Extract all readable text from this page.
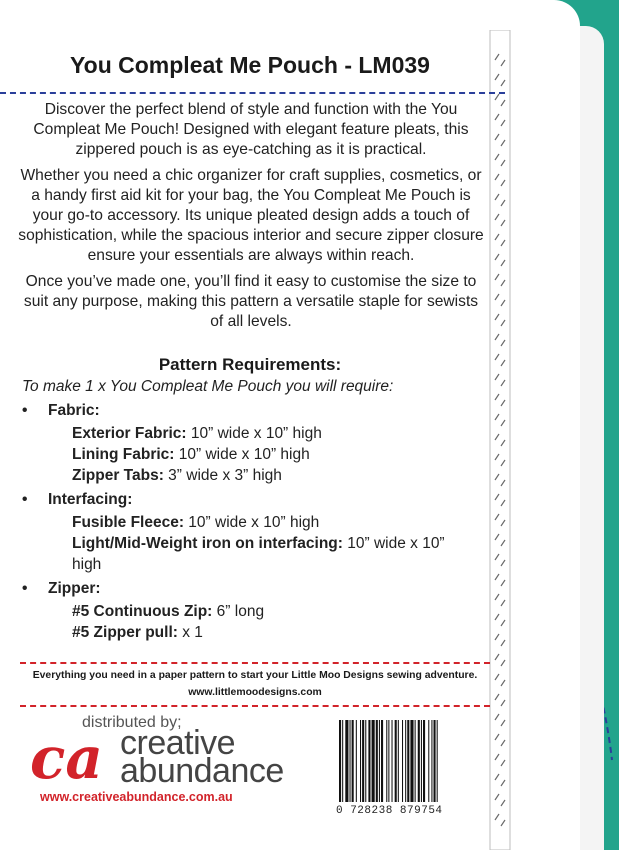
You Compleat Me Pouch - LM039

Discover the perfect blend of style and function with the You Compleat Me Pouch! Designed with elegant feature pleats, this zippered pouch is as eye-catching as it is practical.

Whether you need a chic organizer for craft supplies, cosmetics, or a handy first aid kit for your bag, the You Compleat Me Pouch is your go-to accessory. Its unique pleated design adds a touch of sophistication, while the spacious interior and secure zipper closure ensure your essentials are always within reach.

Once you’ve made one, you’ll find it easy to customise the size to suit any purpose, making this pattern a versatile staple for sewists of all levels.

Pattern Requirements:
To make 1 x You Compleat Me Pouch you will require:
• Fabric:
Exterior Fabric: 10” wide x 10” high
Lining Fabric: 10” wide x 10” high
Zipper Tabs: 3” wide x 3” high
• Interfacing:
Fusible Fleece: 10” wide x 10” high
Light/Mid-Weight iron on interfacing: 10” wide x 10” high
• Zipper:
#5 Continuous Zip: 6” long
#5 Zipper pull: x 1
Everything you need in a paper pattern to start your Little Moo Designs sewing adventure.
www.littlemoodesigns.com
distributed by;
ca creative
abundance
www.creativeabundance.com.au
0 728238 879754
